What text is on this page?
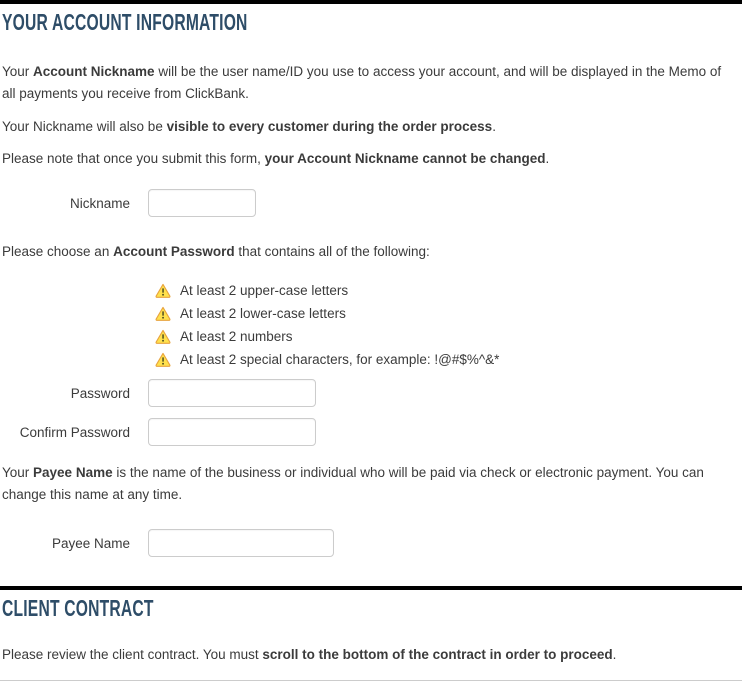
YOUR ACCOUNT INFORMATION

Your Account Nickname will be the user name/ID you use to access your account, and will be displayed in the Memo of all payments you receive from ClickBank.

Your Nickname will also be visible to every customer during the order process.

Please note that once you submit this form, your Account Nickname cannot be changed.

Nickname

Please choose an Account Password that contains all of the following:

At least 2 upper-case letters
At least 2 lower-case letters
At least 2 numbers
At least 2 special characters, for example: !@#$%^&*
Password
Confirm Password

Your Payee Name is the name of the business or individual who will be paid via check or electronic payment. You can change this name at any time.

Payee Name
CLIENT CONTRACT

Please review the client contract. You must scroll to the bottom of the contract in order to proceed.
